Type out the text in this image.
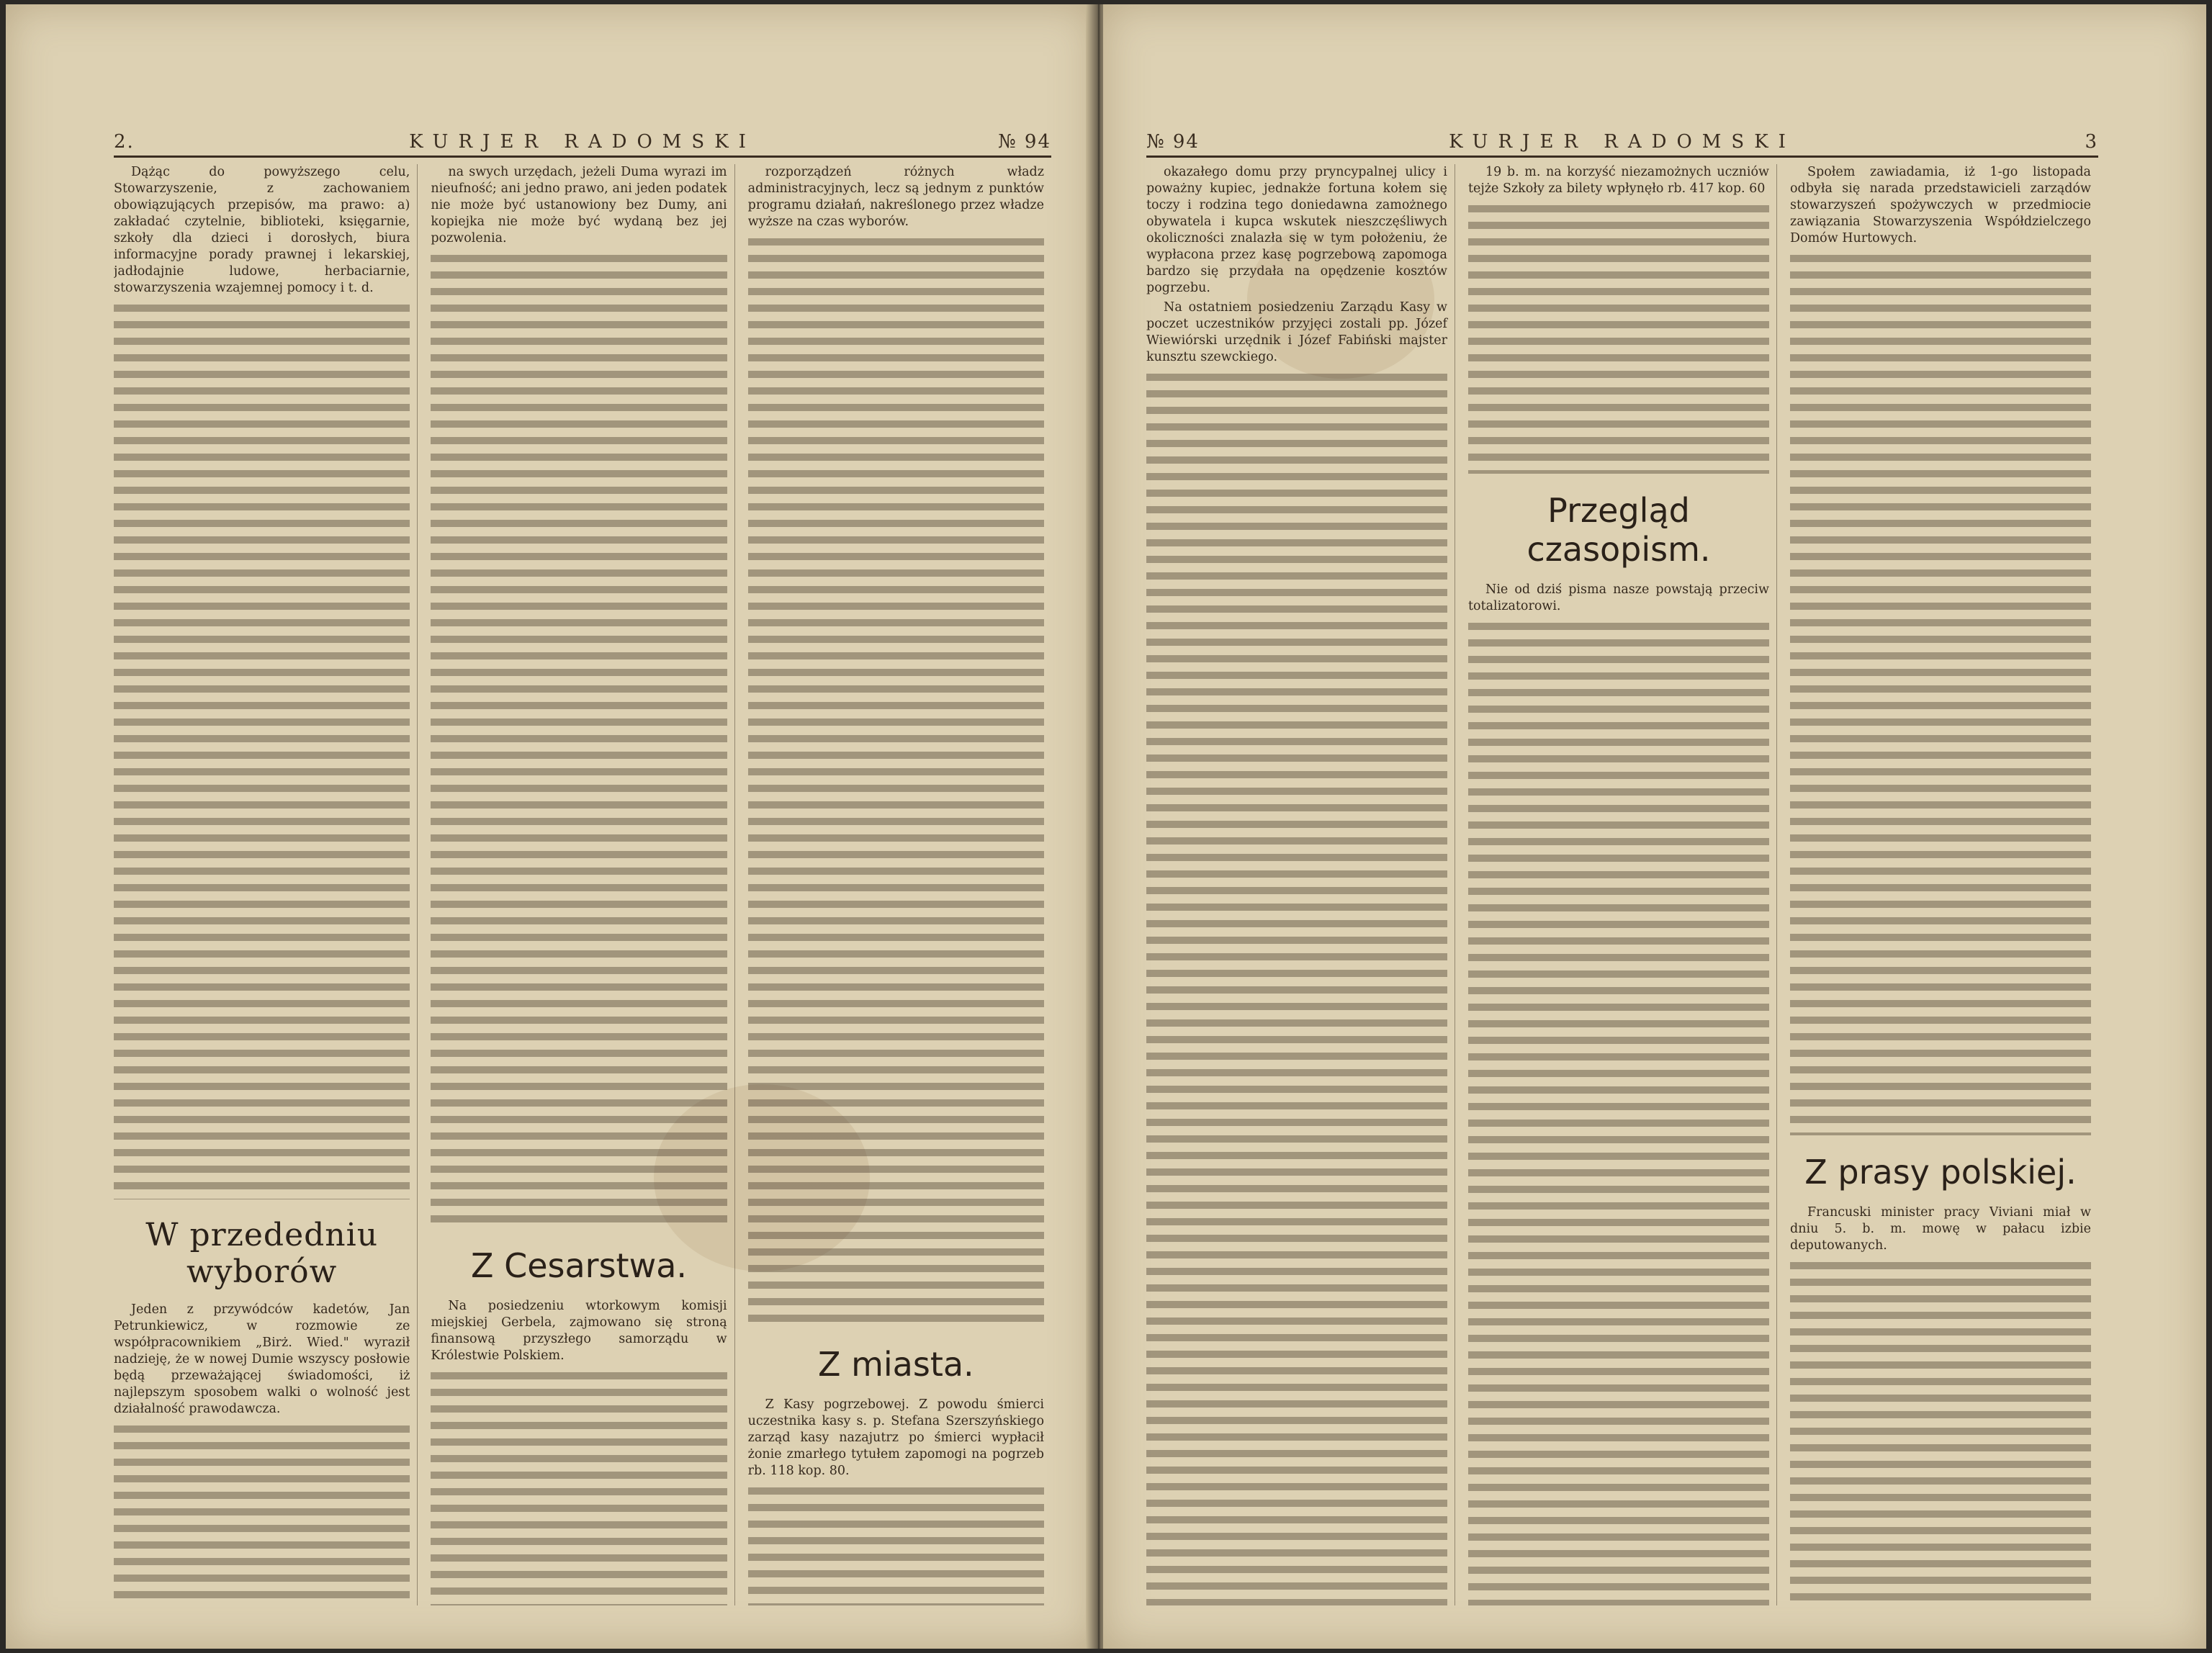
2.	KURJER RADOMSKI	№ 94

Dążąc do powyższego celu, Stowarzyszenie, z zachowaniem obowiązujących przepisów, ma prawo: a) zakładać czytelnie, biblioteki, księgarnie, szkoły dla dzieci i dorosłych, biura informacyjne porady prawnej i lekarskiej, jadłodajnie ludowe, herbaciarnie, stowarzyszenia wzajemnej pomocy i t. d.

W przededniu wyborów

Jeden z przywódców kadetów, Jan Petrunkiewicz, w rozmowie ze współpracownikiem „Birż. Wied." wyraził nadzieję, że w nowej Dumie wszyscy posłowie będą przeważającej świadomości, iż najlepszym sposobem walki o wolność jest działalność prawodawcza.

na swych urzędach, jeżeli Duma wyrazi im nieufność; ani jedno prawo, ani jeden podatek nie może być ustanowiony bez Dumy, ani kopiejka nie może być wydaną bez jej pozwolenia.

Z Cesarstwa.

Na posiedzeniu wtorkowym komisji miejskiej Gerbela, zajmowano się stroną finansową przyszłego samorządu w Królestwie Polskiem.

rozporządzeń różnych władz administracyjnych, lecz są jednym z punktów programu działań, nakreślonego przez władze wyższe na czas wyborów.

Z miasta.

Z Kasy pogrzebowej. Z powodu śmierci uczestnika kasy s. p. Stefana Szerszyńskiego zarząd kasy nazajutrz po śmierci wypłacił żonie zmarłego tytułem zapomogi na pogrzeb rb. 118 kop. 80.

№ 94	KURJER RADOMSKI	3

okazałego domu przy pryncypalnej ulicy i poważny kupiec, jednakże fortuna kołem się toczy i rodzina tego doniedawna zamożnego obywatela i kupca wskutek nieszczęśliwych okoliczności znalazła się w tym położeniu, że wypłacona przez kasę pogrzebową zapomoga bardzo się przydała na opędzenie kosztów pogrzebu.

Na ostatniem posiedzeniu Zarządu Kasy w poczet uczestników przyjęci zostali pp. Józef Wiewiórski urzędnik i Józef Fabiński majster kunsztu szewckiego.

19 b. m. na korzyść niezamożnych uczniów tejże Szkoły za bilety wpłynęło rb. 417 kop. 60

Przegląd czasopism.

Nie od dziś pisma nasze powstają przeciw totalizatorowi.

Społem zawiadamia, iż 1-go listopada odbyła się narada przedstawicieli zarządów stowarzyszeń spożywczych w przedmiocie zawiązania Stowarzyszenia Współdzielczego Domów Hurtowych.

Z prasy polskiej.

Francuski minister pracy Viviani miał w dniu 5. b. m. mowę w pałacu izbie deputowanych.
